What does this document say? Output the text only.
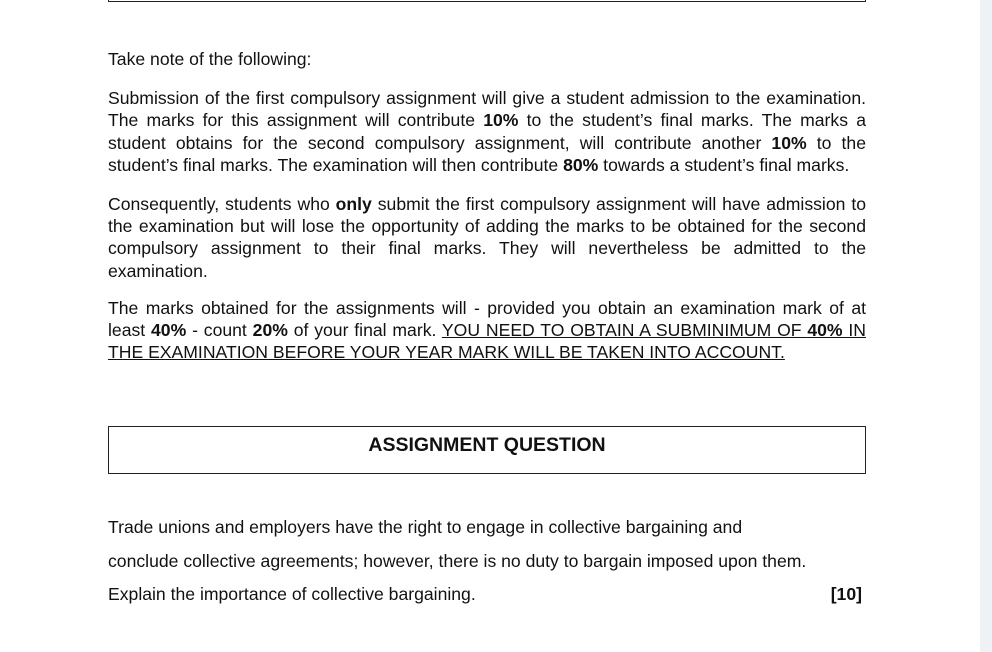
Take note of the following:

Submission of the first compulsory assignment will give a student admission to the examination. The marks for this assignment will contribute 10% to the student’s final marks. The marks a student obtains for the second compulsory assignment, will contribute another 10% to the student’s final marks. The examination will then contribute 80% towards a student’s final marks.

Consequently, students who only submit the first compulsory assignment will have admission to the examination but will lose the opportunity of adding the marks to be obtained for the second compulsory assignment to their final marks. They will nevertheless be admitted to the examination.

The marks obtained for the assignments will - provided you obtain an examination mark of at least 40% - count 20% of your final mark. YOU NEED TO OBTAIN A SUBMINIMUM OF 40% IN THE EXAMINATION BEFORE YOUR YEAR MARK WILL BE TAKEN INTO ACCOUNT.

ASSIGNMENT QUESTION

Trade unions and employers have the right to engage in collective bargaining and

conclude collective agreements; however, there is no duty to bargain imposed upon them.

Explain the importance of collective bargaining.	[10]
